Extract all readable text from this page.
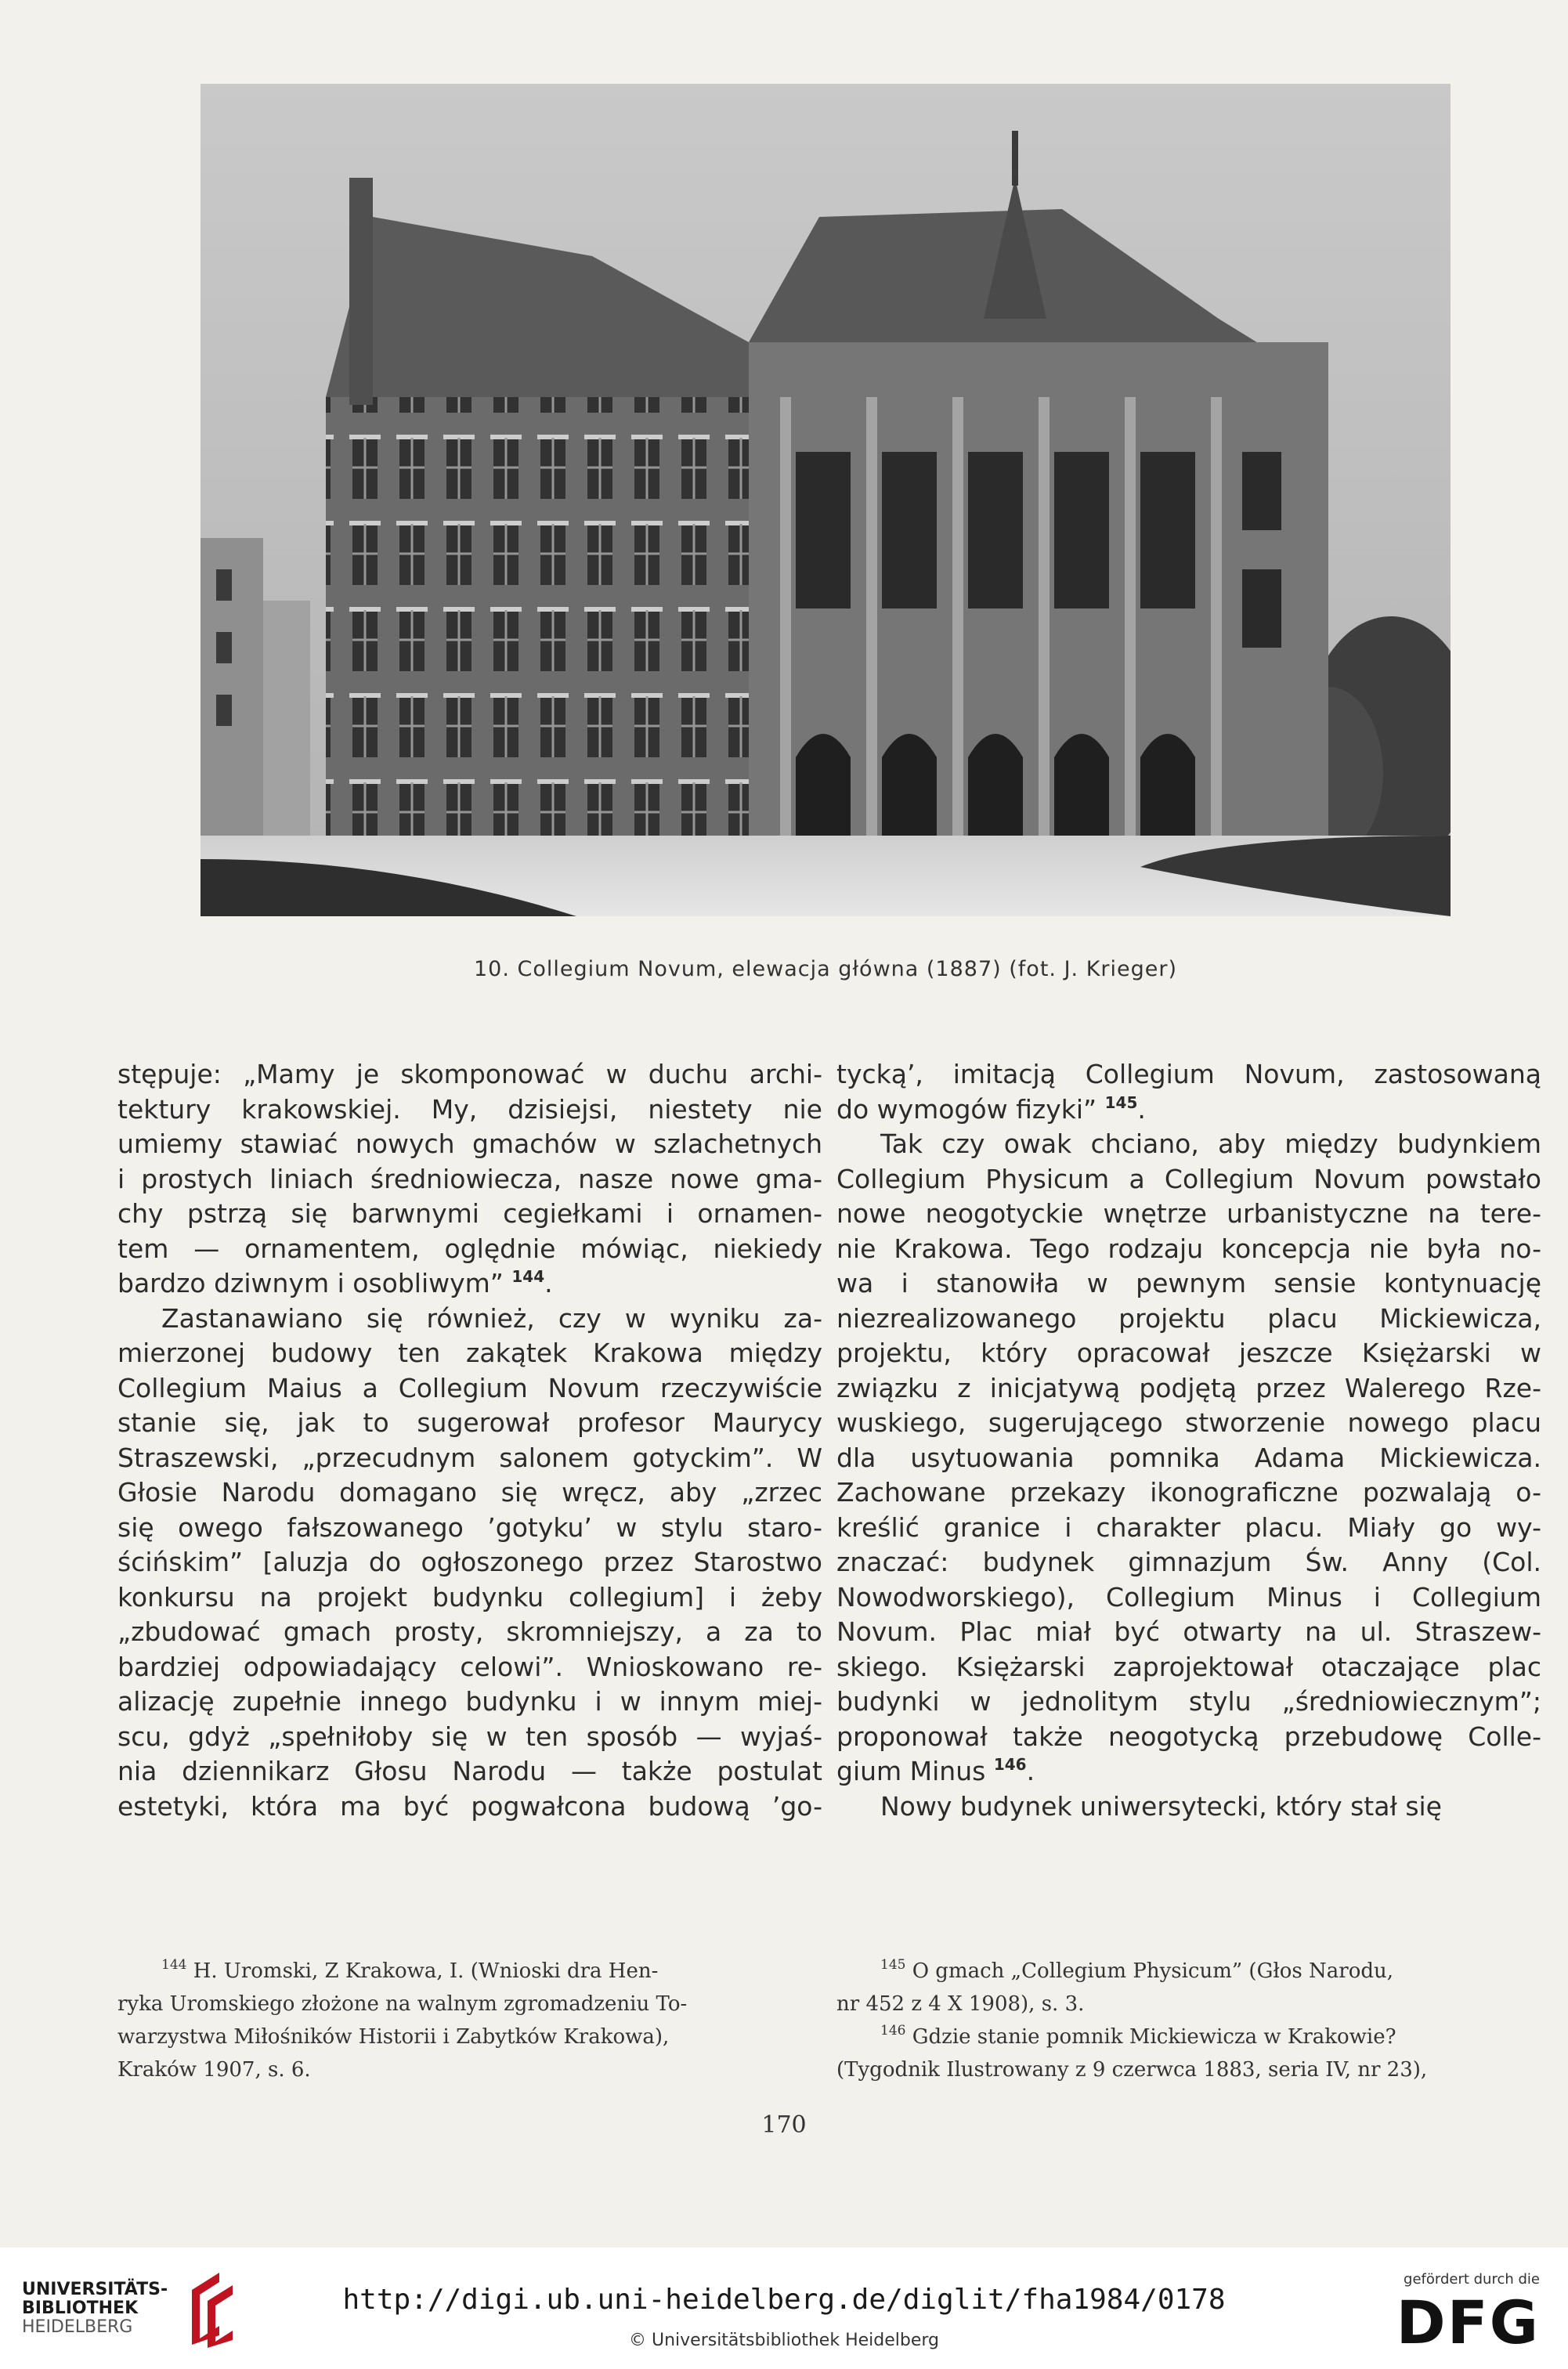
10. Collegium Novum, elewacja główna (1887) (fot. J. Krieger)
stępuje: „Mamy je skomponować w duchu archi-
tektury krakowskiej. My, dzisiejsi, niestety nie
umiemy stawiać nowych gmachów w szlachetnych
i prostych liniach średniowiecza, nasze nowe gma-
chy pstrzą się barwnymi cegiełkami i ornamen-
tem — ornamentem, oględnie mówiąc, niekiedy
bardzo dziwnym i osobliwym” $^{144}$.
Zastanawiano się również, czy w wyniku za-
mierzonej budowy ten zakątek Krakowa między
Collegium Maius a Collegium Novum rzeczywiście
stanie się, jak to sugerował profesor Maurycy
Straszewski, „przecudnym salonem gotyckim”. W
Głosie Narodu domagano się wręcz, aby „zrzec
się owego fałszowanego ’gotyku’ w stylu staro-
ścińskim” [aluzja do ogłoszonego przez Starostwo
konkursu na projekt budynku collegium] i żeby
„zbudować gmach prosty, skromniejszy, a za to
bardziej odpowiadający celowi”. Wnioskowano re-
alizację zupełnie innego budynku i w innym miej-
scu, gdyż „spełniłoby się w ten sposób — wyjaś-
nia dziennikarz Głosu Narodu — także postulat
estetyki, która ma być pogwałcona budową ’go-
tycką’, imitacją Collegium Novum, zastosowaną
do wymogów fizyki” $^{145}$.
Tak czy owak chciano, aby między budynkiem
Collegium Physicum a Collegium Novum powstało
nowe neogotyckie wnętrze urbanistyczne na tere-
nie Krakowa. Tego rodzaju koncepcja nie była no-
wa i stanowiła w pewnym sensie kontynuację
niezrealizowanego projektu placu Mickiewicza,
projektu, który opracował jeszcze Księżarski w
związku z inicjatywą podjętą przez Walerego Rze-
wuskiego, sugerującego stworzenie nowego placu
dla usytuowania pomnika Adama Mickiewicza.
Zachowane przekazy ikonograficzne pozwalają o-
kreślić granice i charakter placu. Miały go wy-
znaczać: budynek gimnazjum Św. Anny (Col.
Nowodworskiego), Collegium Minus i Collegium
Novum. Plac miał być otwarty na ul. Straszew-
skiego. Księżarski zaprojektował otaczające plac
budynki w jednolitym stylu „średniowiecznym”;
proponował także neogotycką przebudowę Colle-
gium Minus $^{146}$.
Nowy budynek uniwersytecki, który stał się
$^{144}$ H. Uromski, Z Krakowa, I. (Wnioski dra Hen-
ryka Uromskiego złożone na walnym zgromadzeniu To-
warzystwa Miłośników Historii i Zabytków Krakowa),
Kraków 1907, s. 6.
$^{145}$ O gmach „Collegium Physicum” (Głos Narodu,
nr 452 z 4 X 1908), s. 3.
$^{146}$ Gdzie stanie pomnik Mickiewicza w Krakowie?
(Tygodnik Ilustrowany z 9 czerwca 1883, seria IV, nr 23),
170
UNIVERSITÄTS-
BIBLIOTHEK
HEIDELBERG
http://digi.ub.uni-heidelberg.de/diglit/fha1984/0178
© Universitätsbibliothek Heidelberg
gefördert durch die
DFG
